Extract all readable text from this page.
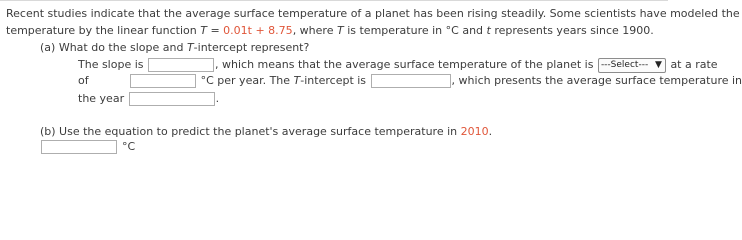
Recent studies indicate that the average surface temperature of a planet has been rising steadily. Some scientists have modeled the
temperature by the linear function T = 0.01t + 8.75, where T is temperature in °C and t represents years since 1900.
(a) What do the slope and T-intercept represent?
The slope is	, which means that the average surface temperature of the planet is ---Select--- ▼ at a rate
of	°C per year. The T-intercept is	, which presents the average surface temperature in
the year	.
(b) Use the equation to predict the planet's average surface temperature in 2010.
°C
